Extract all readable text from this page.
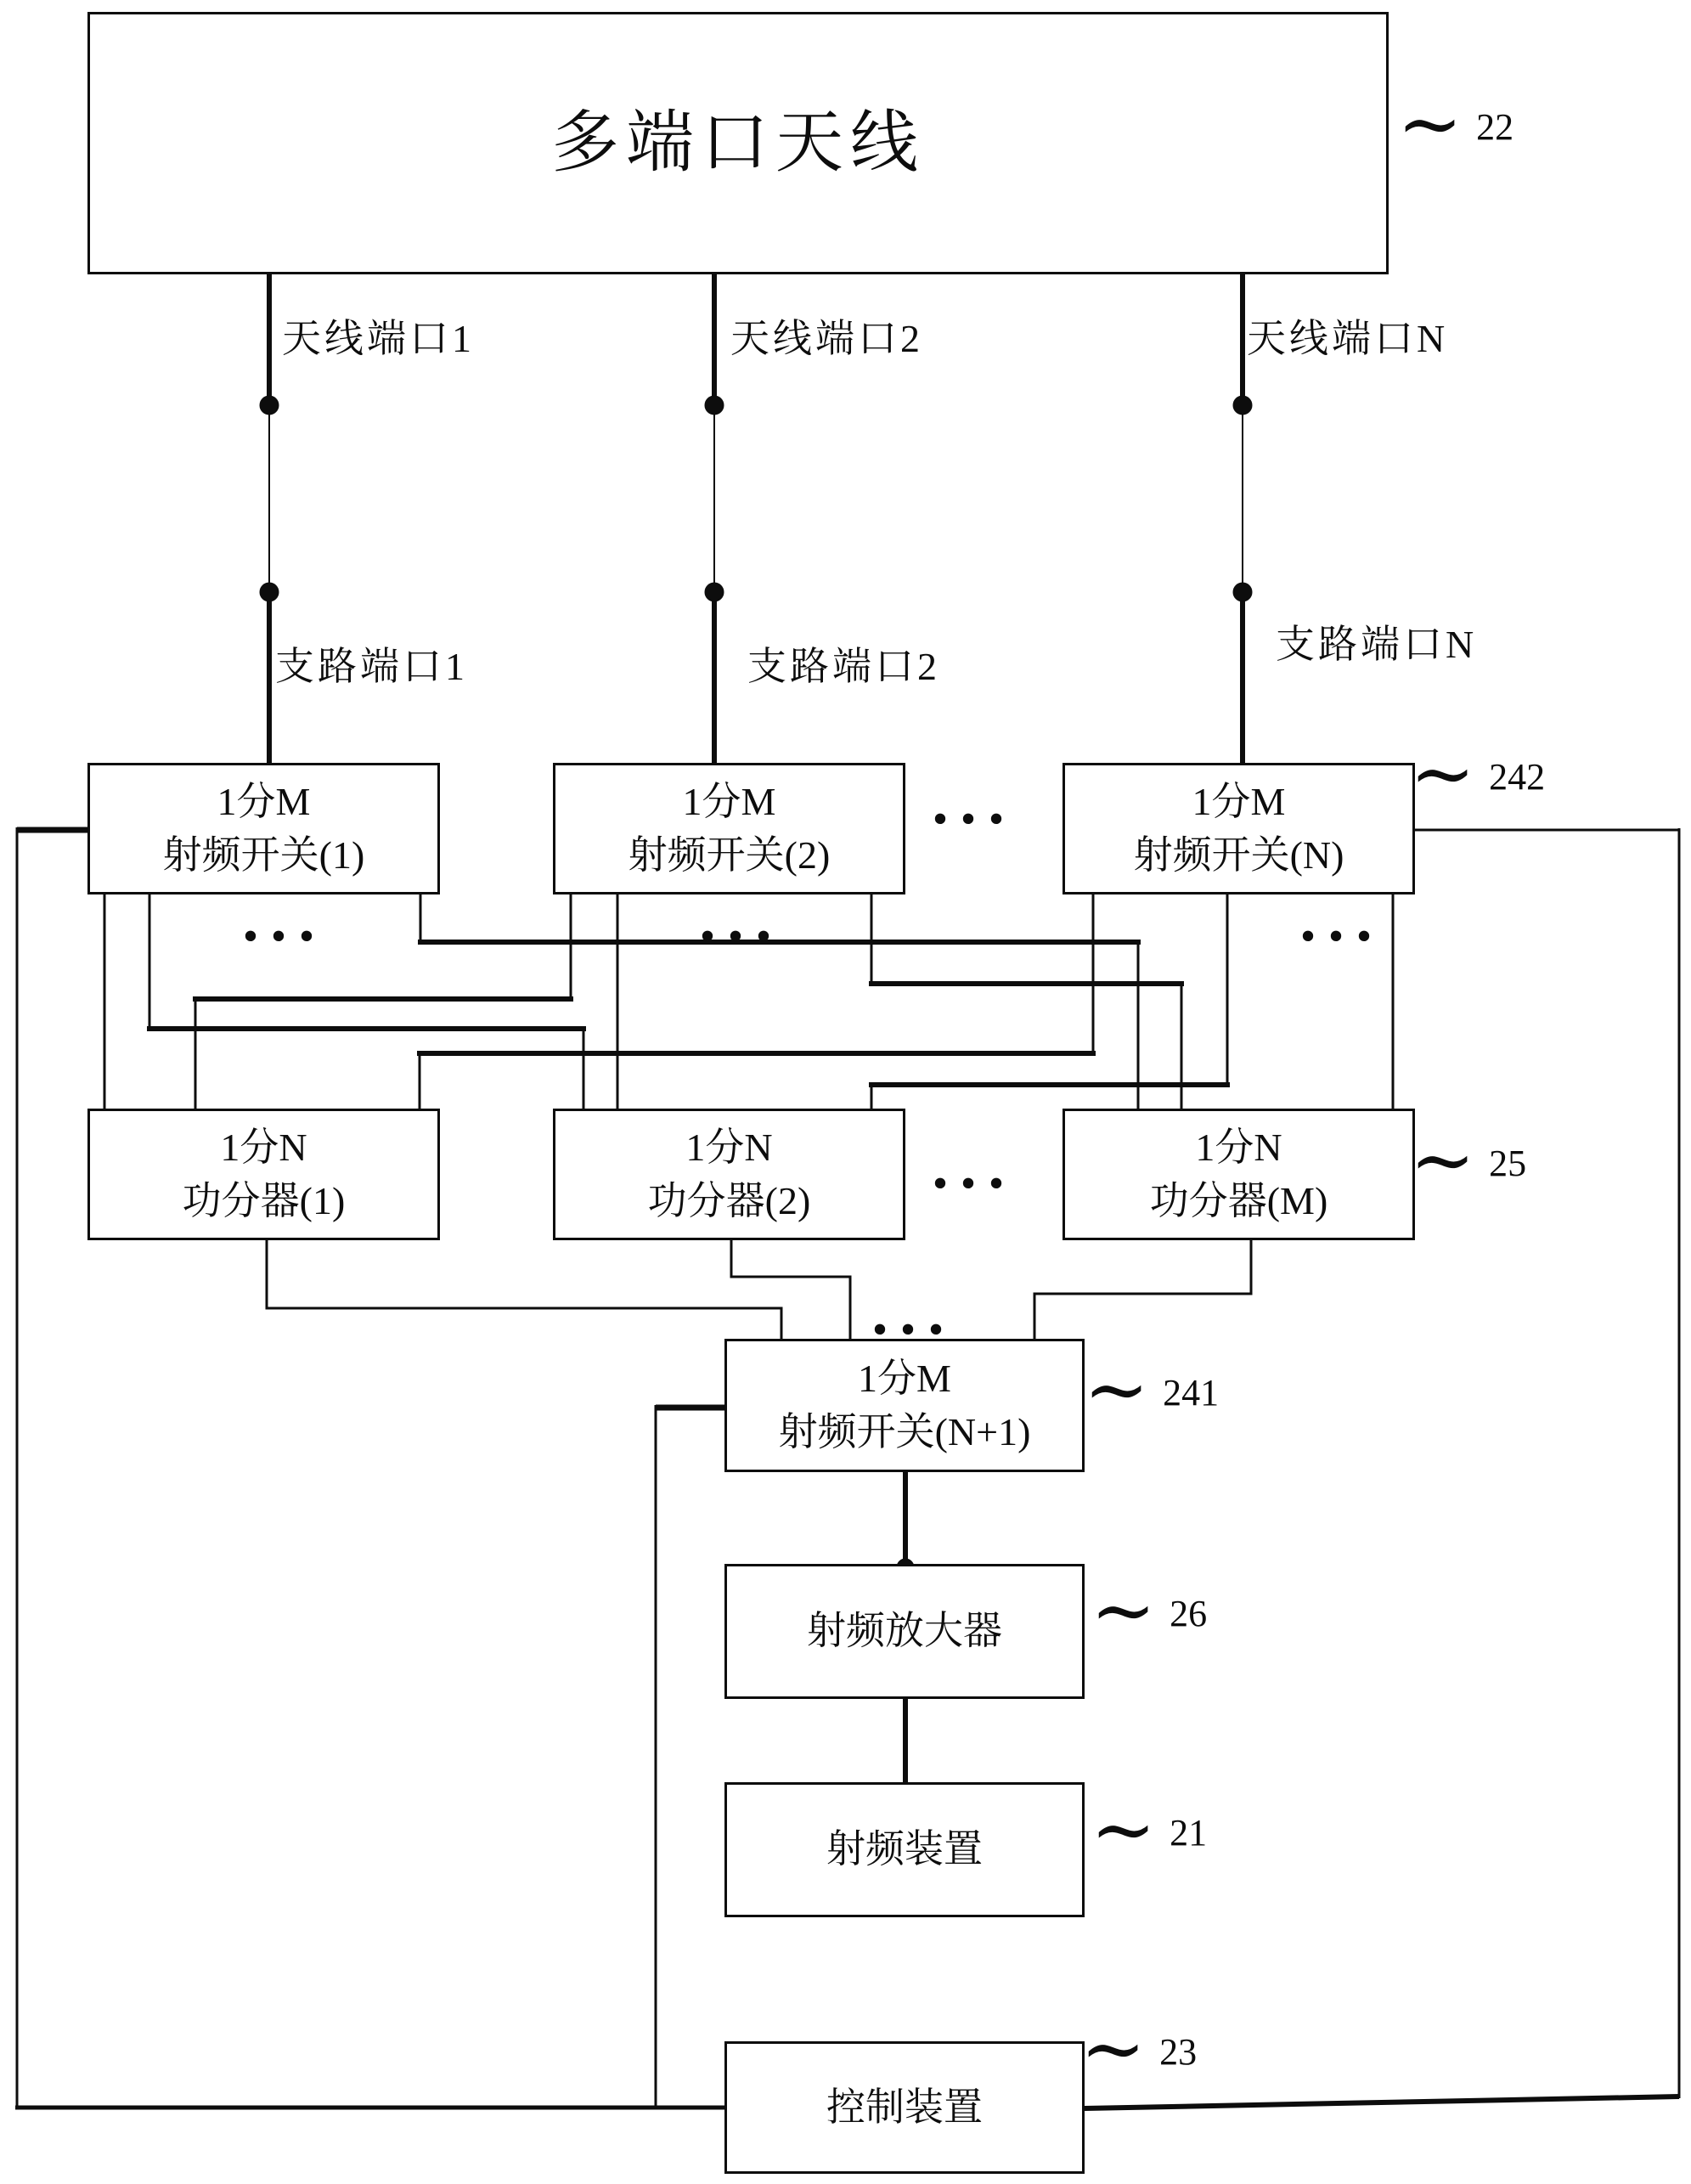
多端口天线
1分M
射频开关(1)
1分M
射频开关(2)
1分M
射频开关(N)
1分N
功分器(1)
1分N
功分器(2)
1分N
功分器(M)
1分M
射频开关(N+1)
射频放大器
射频装置
控制装置
天线端口1	天线端口2	天线端口N
支路端口1	支路端口2
支路端口N
∼ 22
∼ 242
∼ 25
∼ 241
∼ 26
∼ 21
∼ 23
...
...	...	...
...
...
